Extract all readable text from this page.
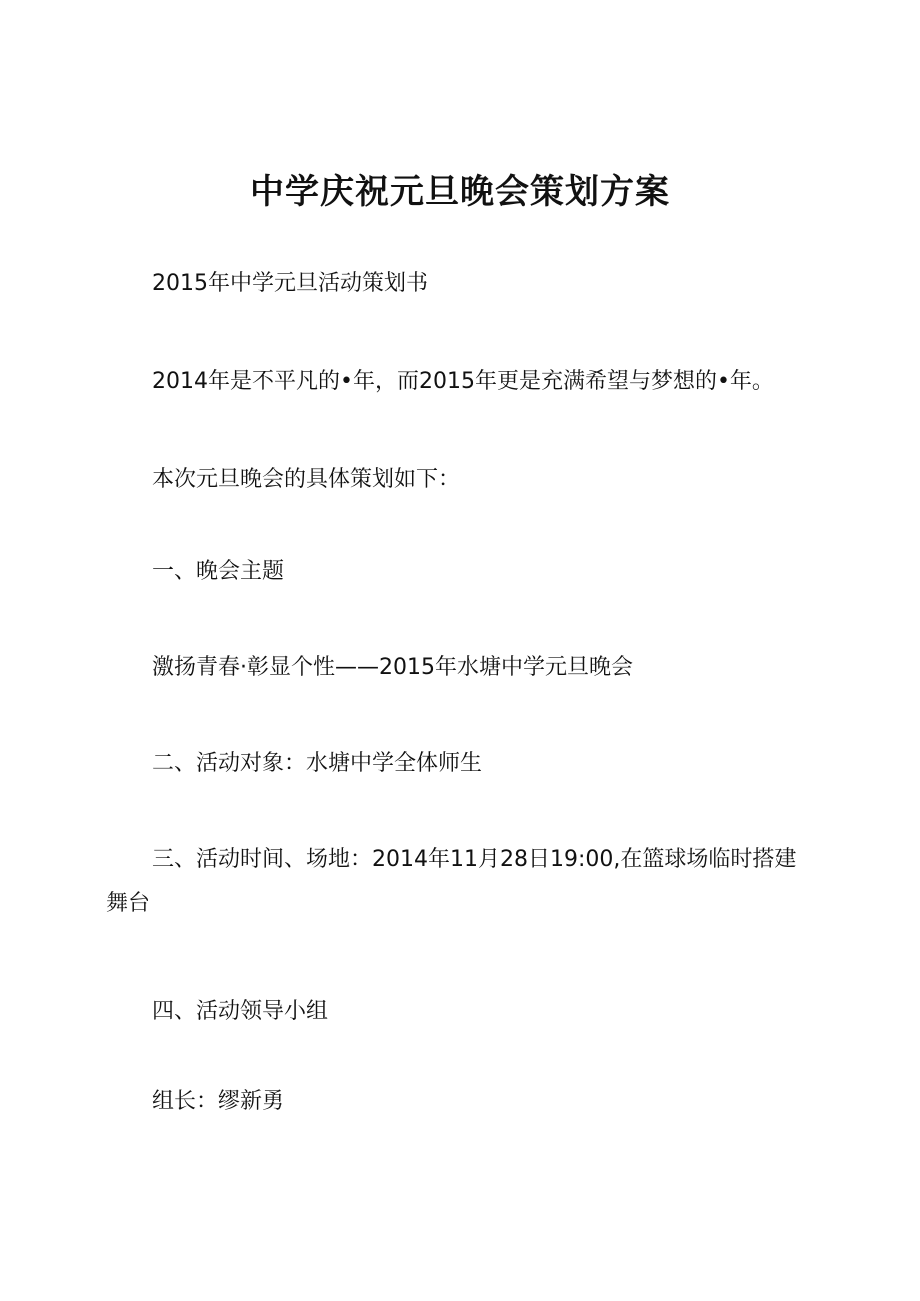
中学庆祝元旦晚会策划方案

2015年中学元旦活动策划书

2014年是不平凡的•年，而2015年更是充满希望与梦想的•年。

本次元旦晚会的具体策划如下：

一、晚会主题

激扬青春·彰显个性——2015年水塘中学元旦晚会

二、活动对象：水塘中学全体师生

三、活动时间、场地：2014年11月28日19:00,在篮球场临时搭建舞台

四、活动领导小组

组长：缪新勇
